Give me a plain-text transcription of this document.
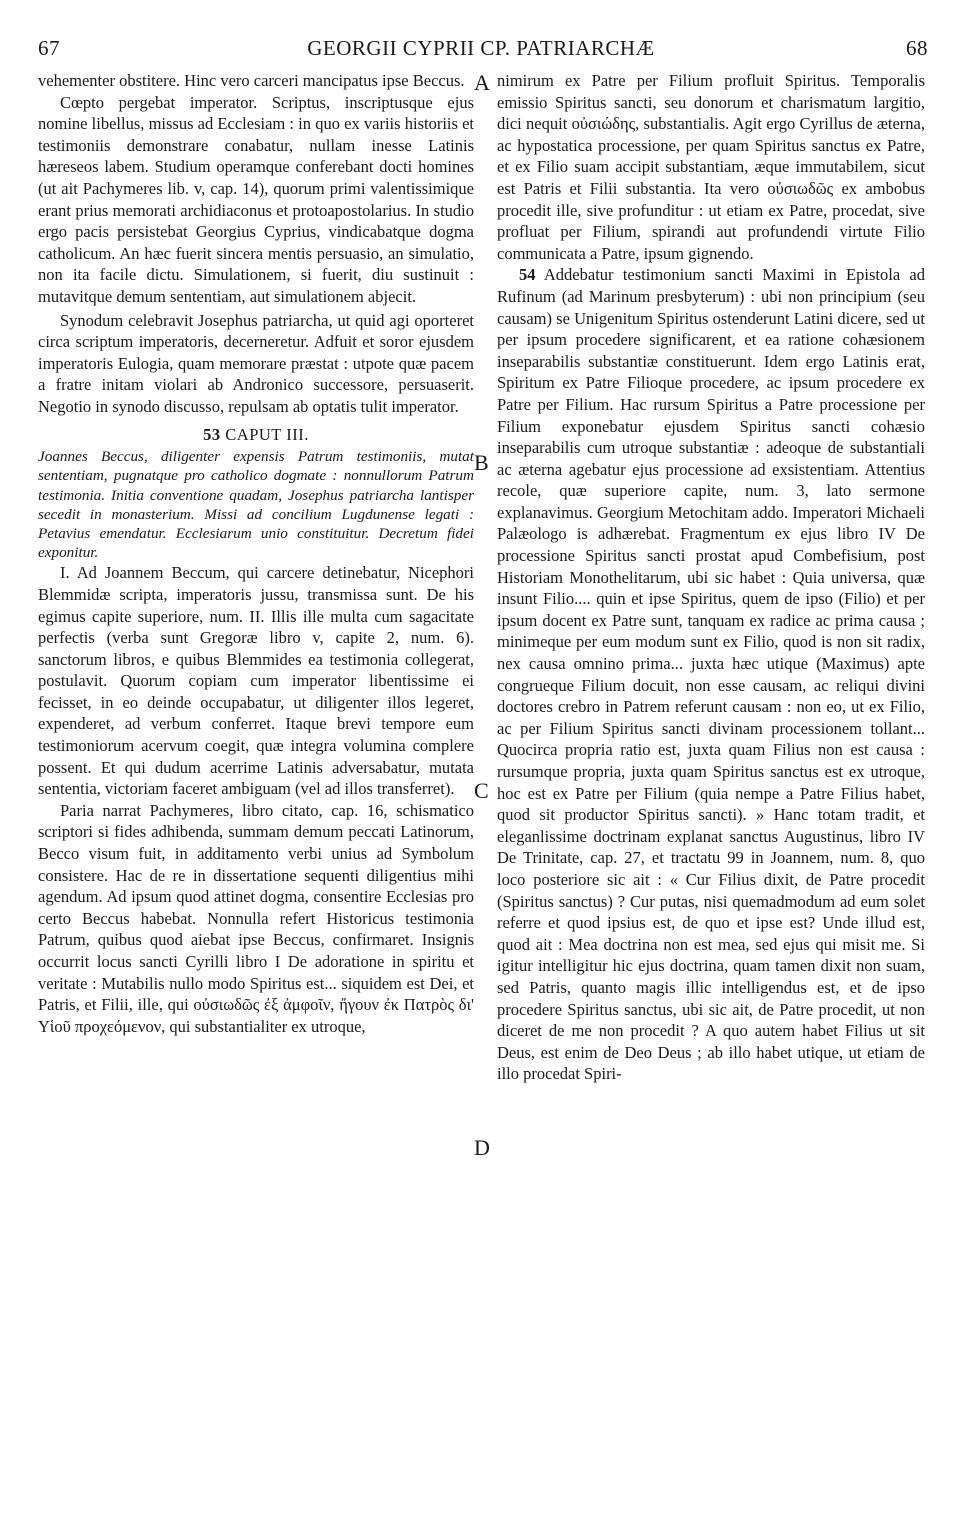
67	GEORGII CYPRII CP. PATRIARCHÆ	68
A
B
C
D

vehementer obstitere. Hinc vero carceri mancipatus ipse Beccus.

Cœpto pergebat imperator. Scriptus, inscriptusque ejus nomine libellus, missus ad Ecclesiam : in quo ex variis historiis et testimoniis demonstrare conabatur, nullam inesse Latinis hæreseos labem. Studium operamque conferebant docti homines (ut ait Pachymeres lib. v, cap. 14), quorum primi valentissimique erant prius memorati archidiaconus et protoapostolarius. In studio ergo pacis persistebat Georgius Cyprius, vindicabatque dogma catholicum. An hæc fuerit sincera mentis persuasio, an simulatio, non ita facile dictu. Simulationem, si fuerit, diu sustinuit : mutavitque demum sententiam, aut simulationem abjecit.

Synodum celebravit Josephus patriarcha, ut quid agi oporteret circa scriptum imperatoris, decerneretur. Adfuit et soror ejusdem imperatoris Eulogia, quam memorare præstat : utpote quæ pacem a fratre initam violari ab Andronico successore, persuaserit. Negotio in synodo discusso, repulsam ab optatis tulit imperator.

53 CAPUT III.

Joannes Beccus, diligenter expensis Patrum testimoniis, mutat sententiam, pugnatque pro catholico dogmate : nonnullorum Patrum testimonia. Initia conventione quadam, Josephus patriarcha lantisper secedit in monasterium. Missi ad concilium Lugdunense legati : Petavius emendatur. Ecclesiarum unio constituitur. Decretum fidei exponitur.

I. Ad Joannem Beccum, qui carcere detinebatur, Nicephori Blemmidæ scripta, imperatoris jussu, transmissa sunt. De his egimus capite superiore, num. II. Illis ille multa cum sagacitate perfectis (verba sunt Gregoræ libro v, capite 2, num. 6). sanctorum libros, e quibus Blemmides ea testimonia collegerat, postulavit. Quorum copiam cum imperator libentissime ei fecisset, in eo deinde occupabatur, ut diligenter illos legeret, expenderet, ad verbum conferret. Itaque brevi tempore eum testimoniorum acervum coegit, quæ integra volumina complere possent. Et qui dudum acerrime Latinis adversabatur, mutata sententia, victoriam faceret ambiguam (vel ad illos transferret).

Paria narrat Pachymeres, libro citato, cap. 16, schismatico scriptori si fides adhibenda, summam demum peccati Latinorum, Becco visum fuit, in additamento verbi unius ad Symbolum consistere. Hac de re in dissertatione sequenti diligentius mihi agendum. Ad ipsum quod attinet dogma, consentire Ecclesias pro certo Beccus habebat. Nonnulla refert Historicus testimonia Patrum, quibus quod aiebat ipse Beccus, confirmaret. Insignis occurrit locus sancti Cyrilli libro I De adoratione in spiritu et veritate : Mutabilis nullo modo Spiritus est... siquidem est Dei, et Patris, et Filii, ille, qui οὐσιωδῶς ἐξ ἀμφοῖν, ἤγουν ἐκ Πατρὸς δι' Υἱοῦ προχεόμενον, qui substantialiter ex utroque,

nimirum ex Patre per Filium profluit Spiritus. Temporalis emissio Spiritus sancti, seu donorum et charismatum largitio, dici nequit οὐσιώδης, substantialis. Agit ergo Cyrillus de æterna, ac hypostatica processione, per quam Spiritus sanctus ex Patre, et ex Filio suam accipit substantiam, æque immutabilem, sicut est Patris et Filii substantia. Ita vero οὐσιωδῶς ex ambobus procedit ille, sive profunditur : ut etiam ex Patre, procedat, sive profluat per Filium, spirandi aut profundendi virtute Filio communicata a Patre, ipsum gignendo.

54 Addebatur testimonium sancti Maximi in Epistola ad Rufinum (ad Marinum presbyterum) : ubi non principium (seu causam) se Unigenitum Spiritus ostenderunt Latini dicere, sed ut per ipsum procedere significarent, et ea ratione cohæsionem inseparabilis substantiæ constituerunt. Idem ergo Latinis erat, Spiritum ex Patre Filioque procedere, ac ipsum procedere ex Patre per Filium. Hac rursum Spiritus a Patre processione per Filium exponebatur ejusdem Spiritus sancti cohæsio inseparabilis cum utroque substantiæ : adeoque de substantiali ac æterna agebatur ejus processione ad exsistentiam. Attentius recole, quæ superiore capite, num. 3, lato sermone explanavimus. Georgium Metochitam addo. Imperatori Michaeli Palæologo is adhærebat. Fragmentum ex ejus libro IV De processione Spiritus sancti prostat apud Combefisium, post Historiam Monothelitarum, ubi sic habet : Quia universa, quæ insunt Filio.... quin et ipse Spiritus, quem de ipso (Filio) et per ipsum docent ex Patre sunt, tanquam ex radice ac prima causa ; minimeque per eum modum sunt ex Filio, quod is non sit radix, nex causa omnino prima... juxta hæc utique (Maximus) apte congrueque Filium docuit, non esse causam, ac reliqui divini doctores crebro in Patrem referunt causam : non eo, ut ex Filio, ac per Filium Spiritus sancti divinam processionem tollant... Quocirca propria ratio est, juxta quam Filius non est causa : rursumque propria, juxta quam Spiritus sanctus est ex utroque, hoc est ex Patre per Filium (quia nempe a Patre Filius habet, quod sit productor Spiritus sancti). » Hanc totam tradit, et eleganlissime doctrinam explanat sanctus Augustinus, libro IV De Trinitate, cap. 27, et tractatu 99 in Joannem, num. 8, quo loco posteriore sic ait : « Cur Filius dixit, de Patre procedit (Spiritus sanctus) ? Cur putas, nisi quemadmodum ad eum solet referre et quod ipsius est, de quo et ipse est? Unde illud est, quod ait : Mea doctrina non est mea, sed ejus qui misit me. Si igitur intelligitur hic ejus doctrina, quam tamen dixit non suam, sed Patris, quanto magis illic intelligendus est, et de ipso procedere Spiritus sanctus, ubi sic ait, de Patre procedit, ut non diceret de me non procedit ? A quo autem habet Filius ut sit Deus, est enim de Deo Deus ; ab illo habet utique, ut etiam de illo procedat Spiri-
